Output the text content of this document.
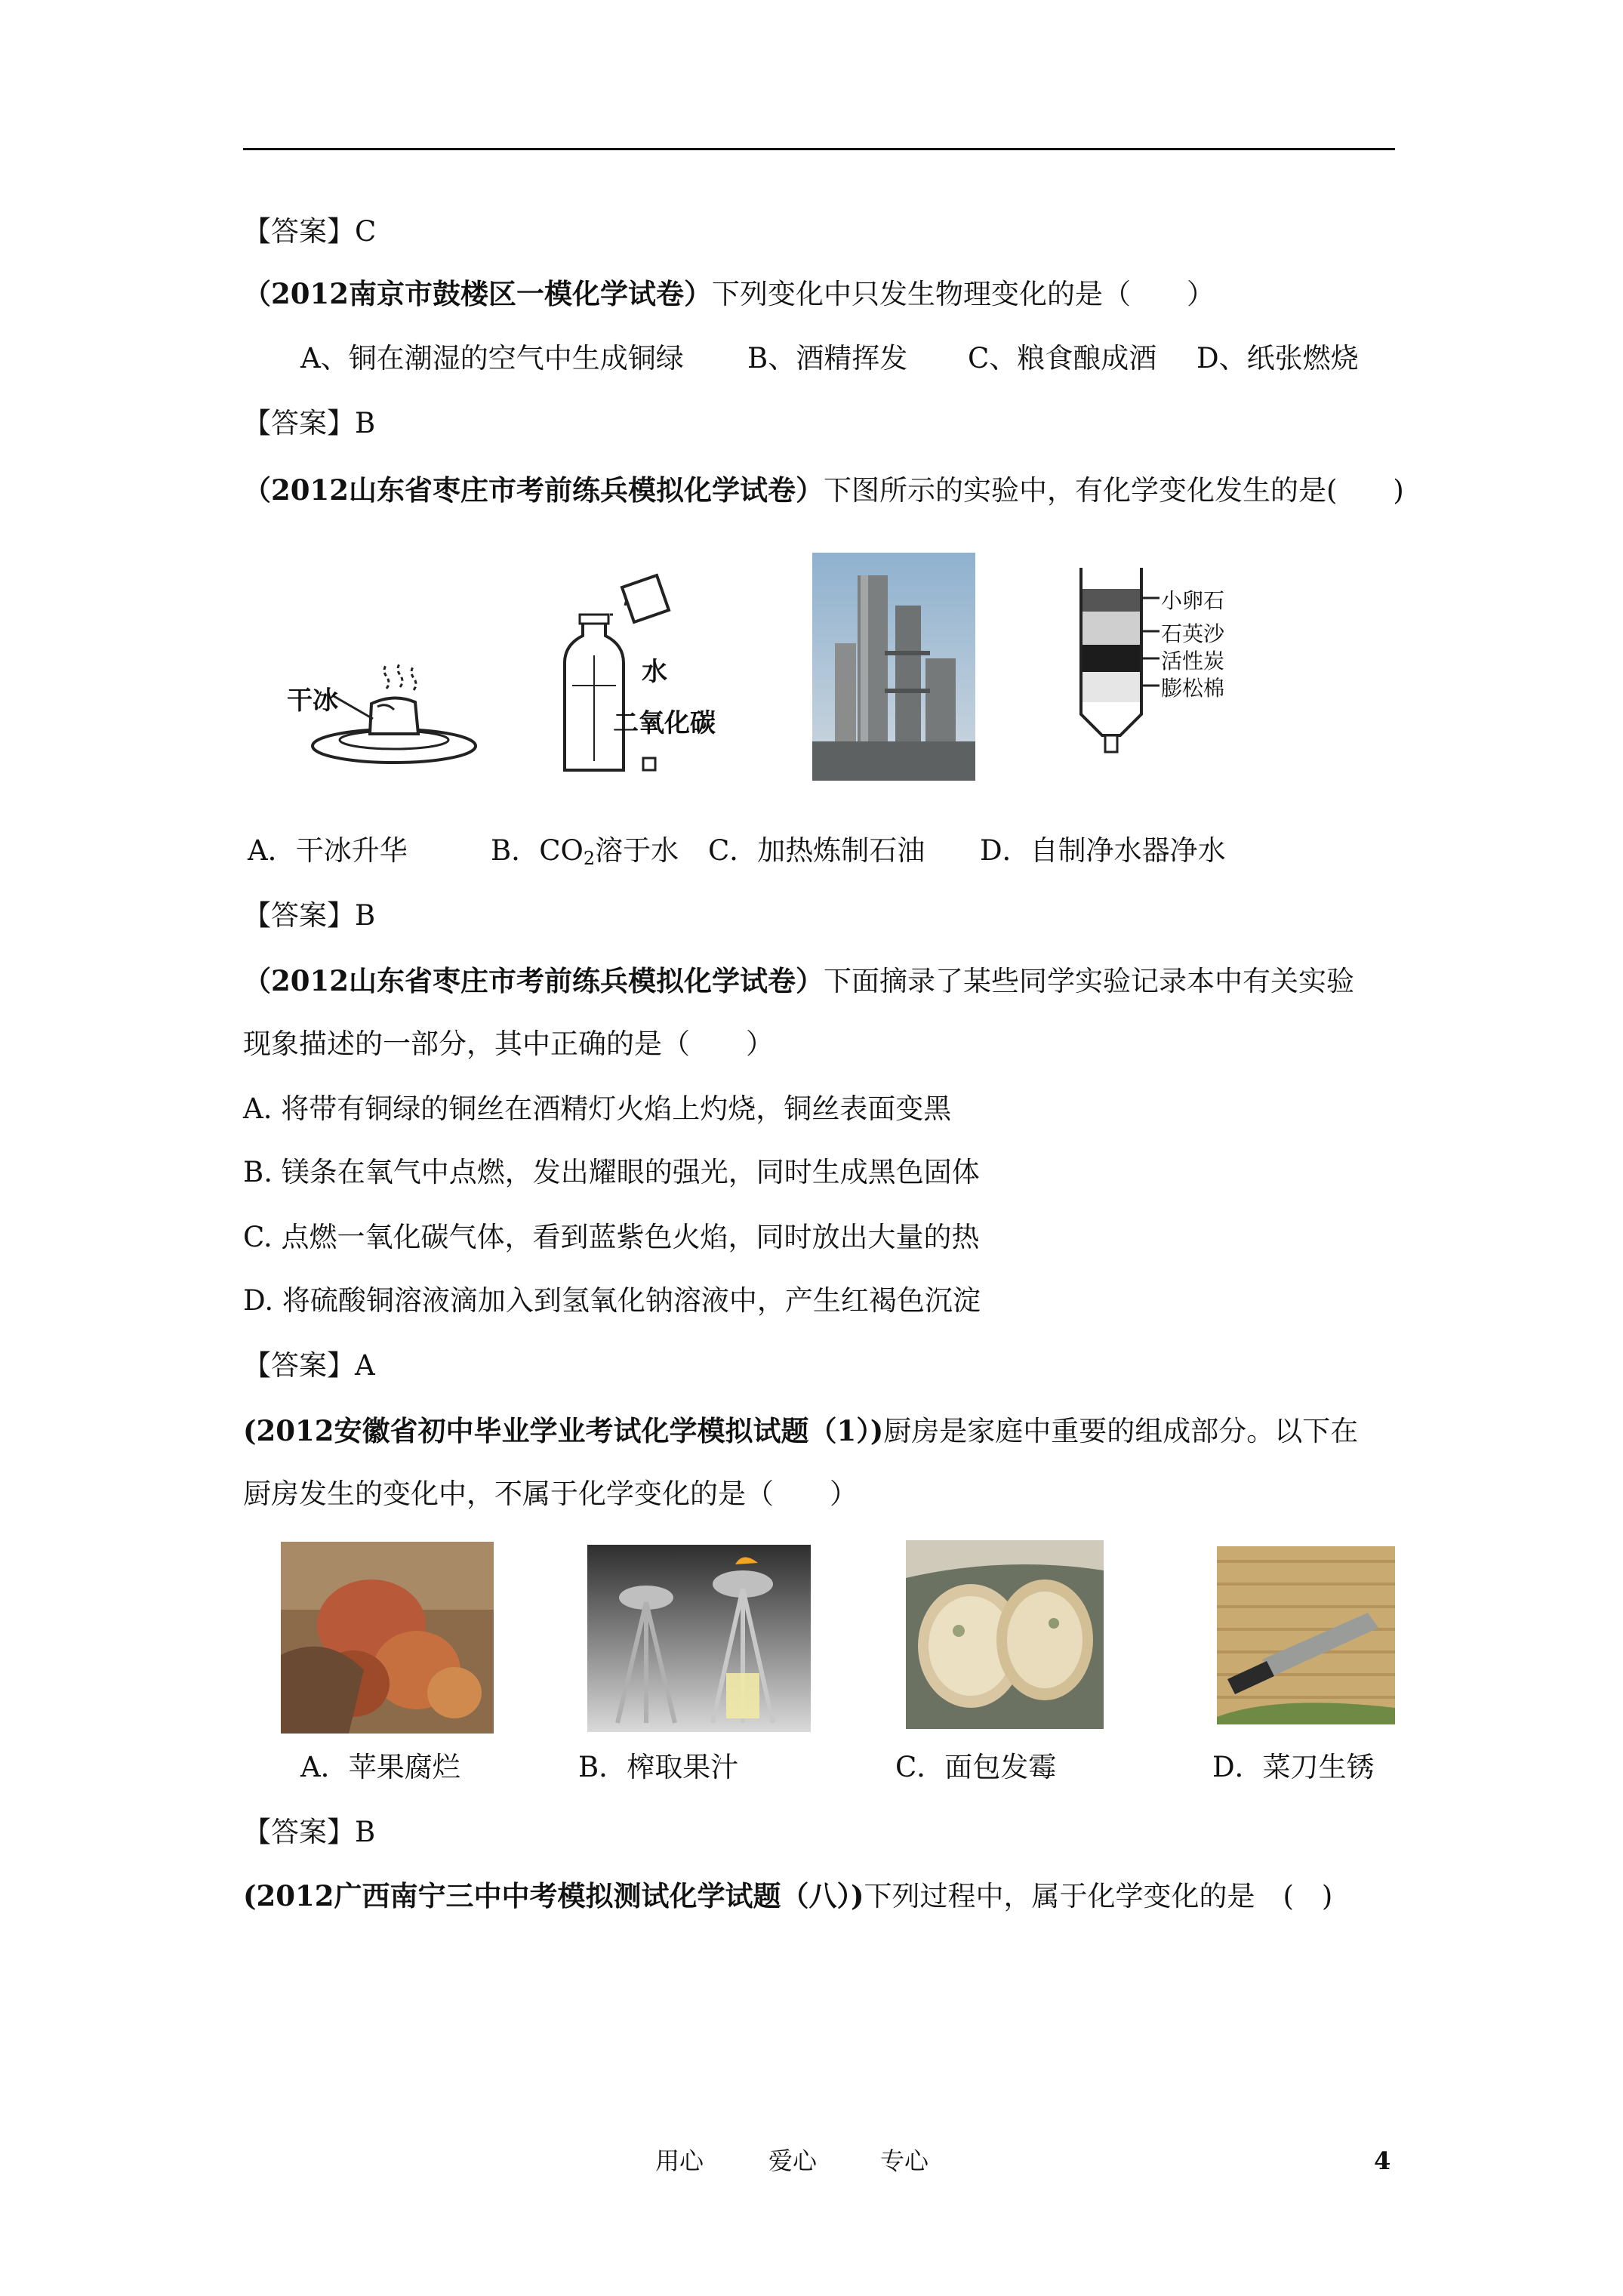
【答案】C
（2012南京市鼓楼区一模化学试卷）下列变化中只发生物理变化的是（　　）
A、铜在潮湿的空气中生成铜绿 B、酒精挥发 C、粮食酿成酒 D、纸张燃烧
【答案】B
（2012山东省枣庄市考前练兵模拟化学试卷）下图所示的实验中，有化学变化发生的是(　　)
干冰
水
二氧化碳
小卵石
石英沙
活性炭
膨松棉
A．干冰升华	B．$CO_2$溶于水 C．加热炼制石油 D．自制净水器净水
【答案】B
（2012山东省枣庄市考前练兵模拟化学试卷）下面摘录了某些同学实验记录本中有关实验
现象描述的一部分，其中正确的是（　　）
A. 将带有铜绿的铜丝在酒精灯火焰上灼烧，铜丝表面变黑
B. 镁条在氧气中点燃，发出耀眼的强光，同时生成黑色固体
C. 点燃一氧化碳气体，看到蓝紫色火焰，同时放出大量的热
D. 将硫酸铜溶液滴加入到氢氧化钠溶液中，产生红褐色沉淀
【答案】A
(2012安徽省初中毕业学业考试化学模拟试题（1）)厨房是家庭中重要的组成部分。以下在
厨房发生的变化中，不属于化学变化的是（　　）
A．苹果腐烂	B．榨取果汁	C．面包发霉	D．菜刀生锈
【答案】B
(2012广西南宁三中中考模拟测试化学试题（八）)下列过程中，属于化学变化的是　(　)
用心	爱心	专心	4
